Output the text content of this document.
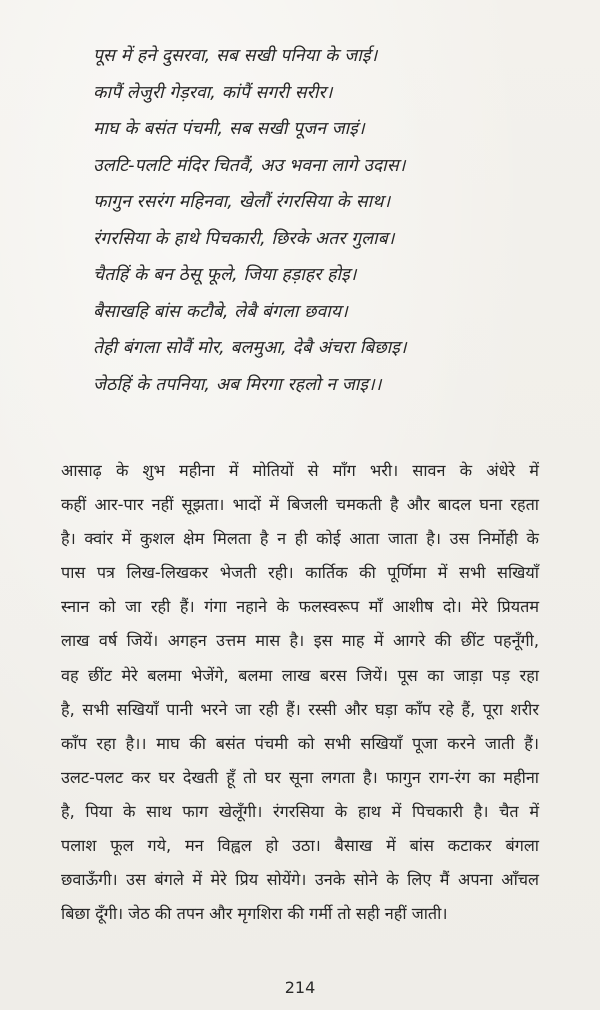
पूस में हने दुसरवा, सब सखी पनिया के जाई।
कापैं लेजुरी गेड़रवा, कांपैं सगरी सरीर।
माघ के बसंत पंचमी, सब सखी पूजन जाइं।
उलटि-पलटि मंदिर चितवैं, अउ भवना लागे उदास।
फागुन रसरंग महिनवा, खेलौं रंगरसिया के साथ।
रंगरसिया के हाथे पिचकारी, छिरके अतर गुलाब।
चैतहिं के बन ठेसू फूले, जिया हड़ाहर होइ।
बैसाखहि बांस कटौबे, लेबै बंगला छवाय।
तेही बंगला सोवैं मोर, बलमुआ, देबै अंचरा बिछाइ।
जेठहिं के तपनिया, अब मिरगा रहलो न जाइ।।

आसाढ़ के शुभ महीना में मोतियों से माँग भरी। सावन के अंधेरे में
कहीं आर-पार नहीं सूझता। भादों में बिजली चमकती है और बादल घना रहता
है। क्वांर में कुशल क्षेम मिलता है न ही कोई आता जाता है। उस निर्मोही के
पास पत्र लिख-लिखकर भेजती रही। कार्तिक की पूर्णिमा में सभी सखियाँ
स्नान को जा रही हैं। गंगा नहाने के फलस्वरूप माँ आशीष दो। मेरे प्रियतम
लाख वर्ष जियें। अगहन उत्तम मास है। इस माह में आगरे की छींट पहनूँगी,
वह छींट मेरे बलमा भेजेंगे, बलमा लाख बरस जियें। पूस का जाड़ा पड़ रहा
है, सभी सखियाँ पानी भरने जा रही हैं। रस्सी और घड़ा काँप रहे हैं, पूरा शरीर
काँप रहा है।। माघ की बसंत पंचमी को सभी सखियाँ पूजा करने जाती हैं।
उलट-पलट कर घर देखती हूँ तो घर सूना लगता है। फागुन राग-रंग का महीना
है, पिया के साथ फाग खेलूँगी। रंगरसिया के हाथ में पिचकारी है। चैत में
पलाश फूल गये, मन विह्वल हो उठा। बैसाख में बांस कटाकर बंगला
छवाऊँगी। उस बंगले में मेरे प्रिय सोयेंगे। उनके सोने के लिए मैं अपना आँचल
बिछा दूँगी। जेठ की तपन और मृगशिरा की गर्मी तो सही नहीं जाती।

214
